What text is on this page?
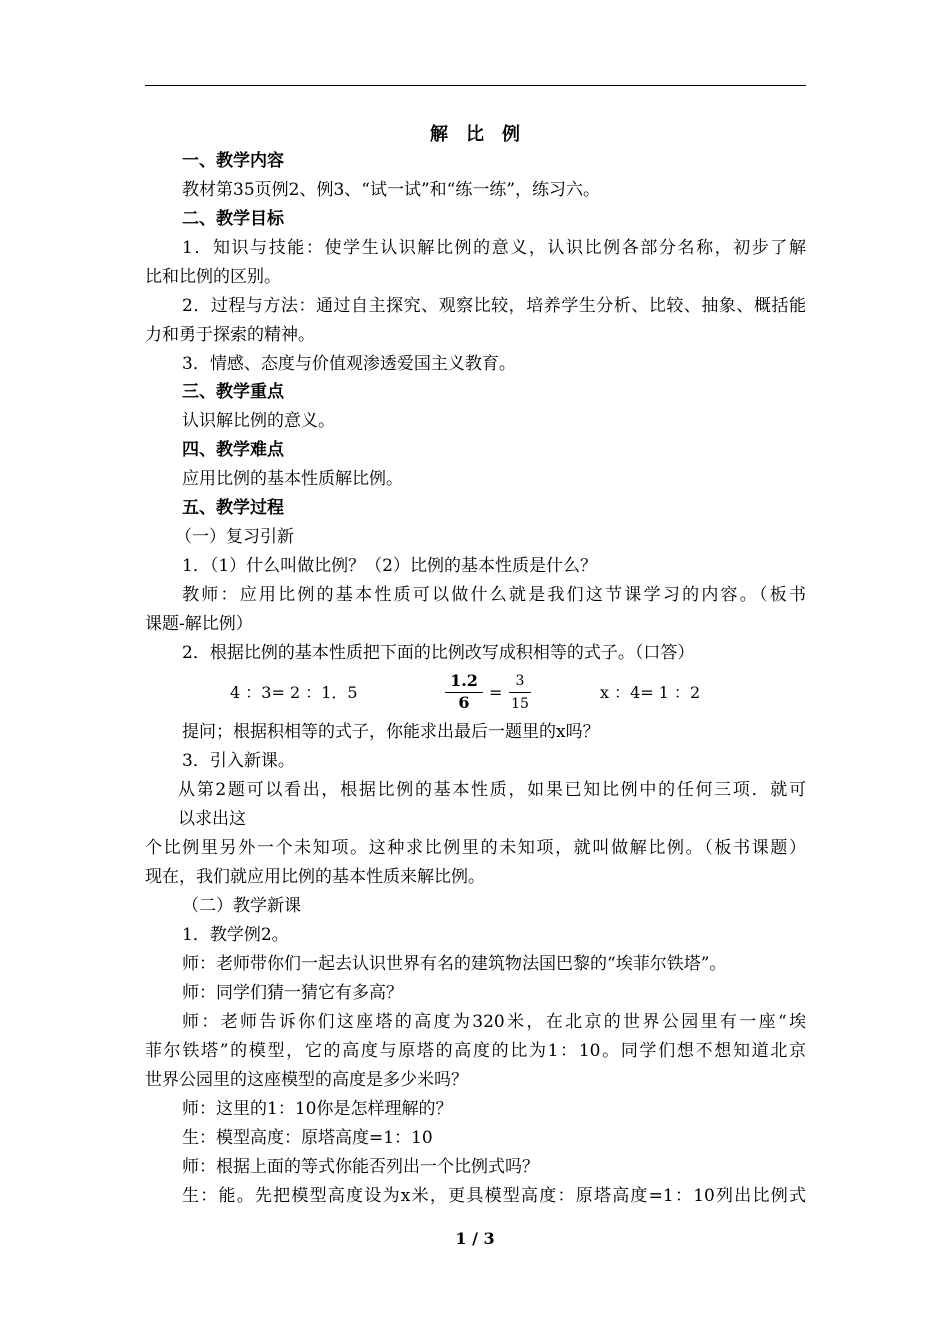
解　比　例
一、教学内容
教材第35页例2、例3、“试一试”和“练一练”，练习六。
二、教学目标
1．知识与技能：使学生认识解比例的意义，认识比例各部分名称，初步了解
比和比例的区别。
2．过程与方法：通过自主探究、观察比较，培养学生分析、比较、抽象、概括能
力和勇于探索的精神。
3．情感、态度与价值观渗透爱国主义教育。
三、教学重点
认识解比例的意义。
四、教学难点
应用比例的基本性质解比例。
五、教学过程
（一）复习引新
1．（1）什么叫做比例？（2）比例的基本性质是什么？
教师：应用比例的基本性质可以做什么就是我们这节课学习的内容。（板书
课题-解比例）
2．根据比例的基本性质把下面的比例改写成积相等的式子。（口答）
4 ：3= 2 ：1．5
1.2
6
=
3
15
x ：4= 1 ：2
提问；根据积相等的式子，你能求出最后一题里的x吗？
3．引入新课。
从第2题可以看出，根据比例的基本性质，如果已知比例中的任何三项．就可
以求出这
个比例里另外一个未知项。这种求比例里的未知项，就叫做解比例。（板书课题）
现在，我们就应用比例的基本性质来解比例。
（二）教学新课
1．教学例2。
师：老师带你们一起去认识世界有名的建筑物法国巴黎的“埃菲尔铁塔”。
师：同学们猜一猜它有多高？
师：老师告诉你们这座塔的高度为320米，在北京的世界公园里有一座“埃
菲尔铁塔”的模型，它的高度与原塔的高度的比为1：10。同学们想不想知道北京
世界公园里的这座模型的高度是多少米吗？
师：这里的1：10你是怎样理解的？
生：模型高度：原塔高度=1：10
师：根据上面的等式你能否列出一个比例式吗？
生：能。先把模型高度设为x米，更具模型高度：原塔高度=1：10列出比例式
1 / 3
